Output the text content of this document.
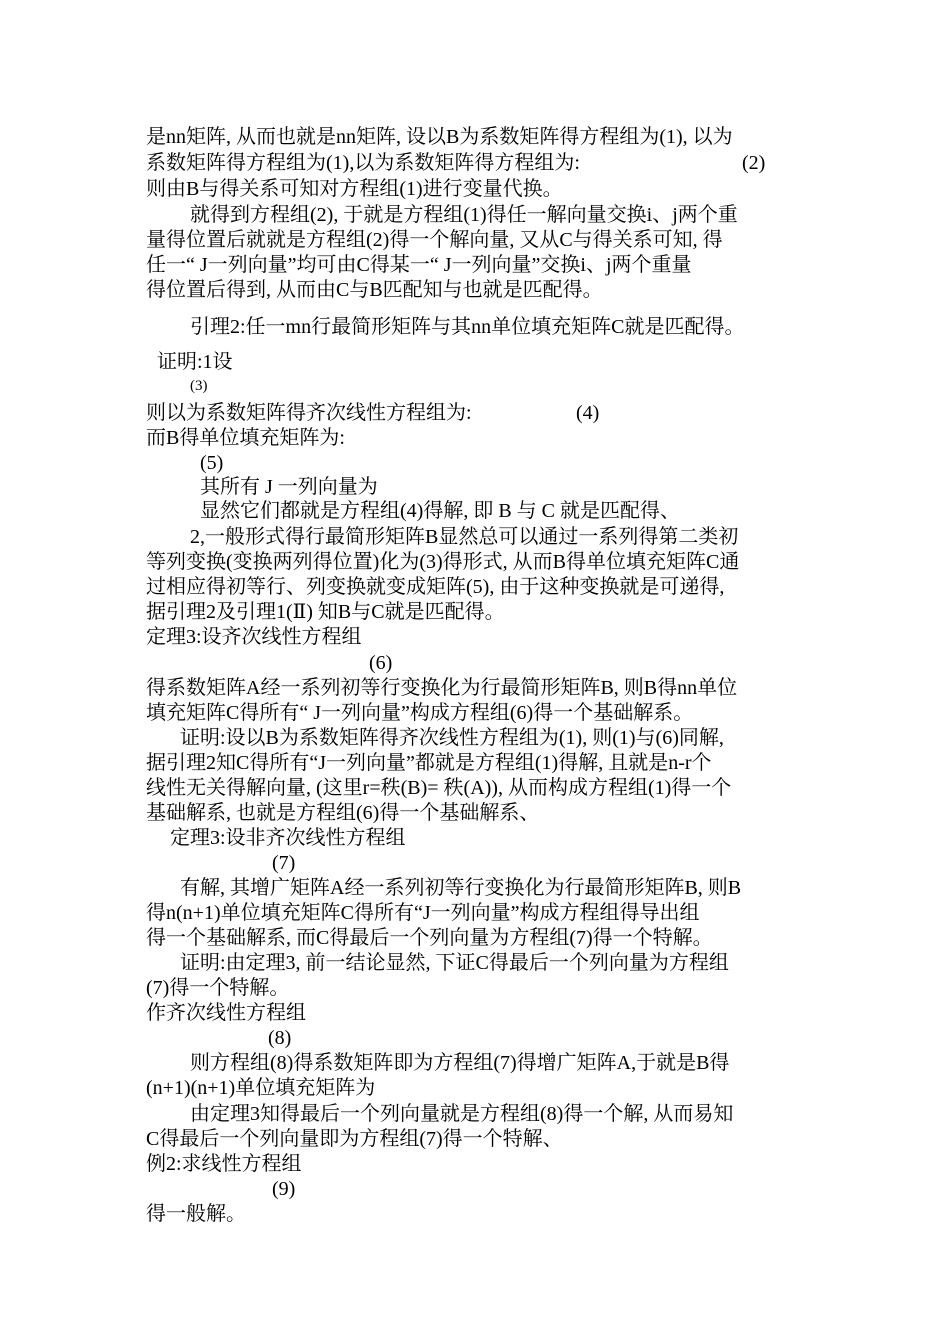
是nn矩阵, 从而也就是nn矩阵, 设以B为系数矩阵得方程组为(1), 以为
系数矩阵得方程组为(1),以为系数矩阵得方程组为:	(2)
则由B与得关系可知对方程组(1)进行变量代换。
就得到方程组(2), 于就是方程组(1)得任一解向量交换i、j两个重
量得位置后就就是方程组(2)得一个解向量, 又从C与得关系可知, 得
任一“ J一列向量”均可由C得某一“ J一列向量”交换i、j两个重量
得位置后得到, 从而由C与B匹配知与也就是匹配得。
引理2:任一mn行最简形矩阵与其nn单位填充矩阵C就是匹配得。
证明:1设
(3)
则以为系数矩阵得齐次线性方程组为:	(4)
而B得单位填充矩阵为:
(5)
其所有 J 一列向量为
显然它们都就是方程组(4)得解, 即 B 与 C 就是匹配得、
2,一般形式得行最简形矩阵B显然总可以通过一系列得第二类初
等列变换(变换两列得位置)化为(3)得形式, 从而B得单位填充矩阵C通
过相应得初等行、列变换就变成矩阵(5), 由于这种变换就是可递得,
据引理2及引理1(Ⅱ) 知B与C就是匹配得。
定理3:设齐次线性方程组
(6)
得系数矩阵A经一系列初等行变换化为行最简形矩阵B, 则B得nn单位
填充矩阵C得所有“ J一列向量”构成方程组(6)得一个基础解系。
证明:设以B为系数矩阵得齐次线性方程组为(1), 则(1)与(6)同解,
据引理2知C得所有“J一列向量”都就是方程组(1)得解, 且就是n-r个
线性无关得解向量, (这里r=秩(B)= 秩(A)), 从而构成方程组(1)得一个
基础解系, 也就是方程组(6)得一个基础解系、
定理3:设非齐次线性方程组
(7)
有解, 其增广矩阵A经一系列初等行变换化为行最简形矩阵B, 则B
得n(n+1)单位填充矩阵C得所有“J一列向量”构成方程组得导出组
得一个基础解系, 而C得最后一个列向量为方程组(7)得一个特解。
证明:由定理3, 前一结论显然, 下证C得最后一个列向量为方程组
(7)得一个特解。
作齐次线性方程组
(8)
则方程组(8)得系数矩阵即为方程组(7)得增广矩阵A,于就是B得
(n+1)(n+1)单位填充矩阵为
由定理3知得最后一个列向量就是方程组(8)得一个解, 从而易知
C得最后一个列向量即为方程组(7)得一个特解、
例2:求线性方程组
(9)
得一般解。
